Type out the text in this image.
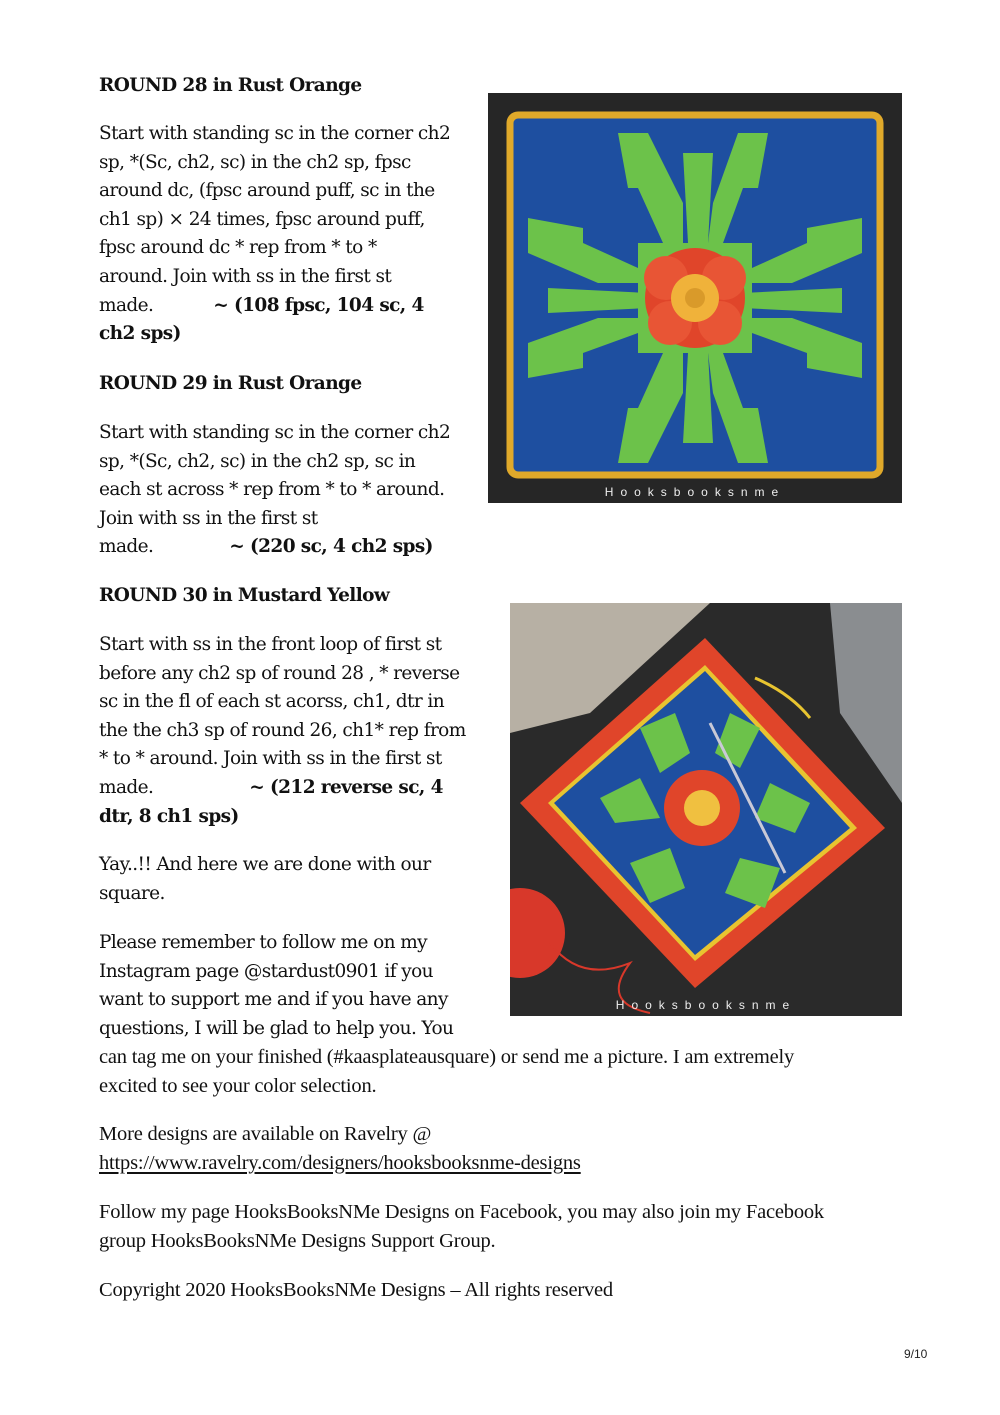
ROUND 28 in Rust Orange
Start with standing sc in the corner ch2
sp, *(Sc, ch2, sc) in the ch2 sp, fpsc
around dc, (fpsc around puff, sc in the
ch1 sp) × 24 times, fpsc around puff,
fpsc around dc * rep from * to *
around. Join with ss in the first st
made.	~ (108 fpsc, 104 sc, 4
ch2 sps)
ROUND 29 in Rust Orange
Start with standing sc in the corner ch2
sp, *(Sc, ch2, sc) in the ch2 sp, sc in
each st across * rep from * to * around.
Join with ss in the first st
made.	~ (220 sc, 4 ch2 sps)
ROUND 30 in Mustard Yellow
Start with ss in the front loop of first st
before any ch2 sp of round 28 , * reverse
sc in the fl of each st acorss, ch1, dtr in
the the ch3 sp of round 26, ch1* rep from
* to * around. Join with ss in the first st
made.	~ (212 reverse sc, 4
dtr, 8 ch1 sps)
Yay..!! And here we are done with our
square.
Please remember to follow me on my
Instagram page @stardust0901 if you
want to support me and if you have any
questions, I will be glad to help you. You
can tag me on your finished (#kaasplateausquare) or send me a picture. I am extremely
excited to see your color selection.
More designs are available on Ravelry @
https://www.ravelry.com/designers/hooksbooksnme-designs
Follow my page HooksBooksNMe Designs on Facebook, you may also join my Facebook
group HooksBooksNMe Designs Support Group.
Copyright 2020 HooksBooksNMe Designs – All rights reserved
Hooksbooksnme
Hooksbooksnme
9/10
